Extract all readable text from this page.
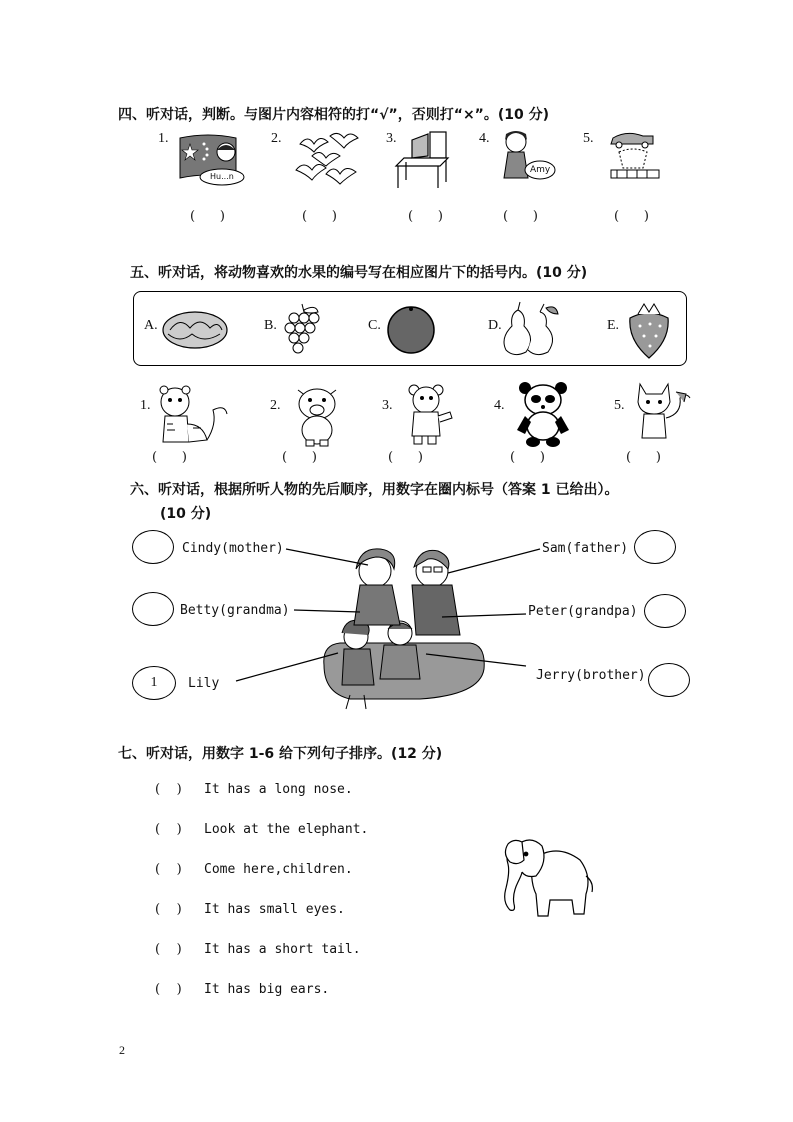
四、听对话，判断。与图片内容相符的打“√”，否则打“×”。(10 分)
1.	2.	3.	4.	5.
Hu...n
Amy
(      )	(      )	(      )	(      )	(      )
五、听对话，将动物喜欢的水果的编号写在相应图片下的括号内。(10 分)
A.	B.	C.	D.	E.
1.	2.	3.	4.	5.
(      )	(      )	(      )	(      )	(      )
六、听对话，根据所听人物的先后顺序，用数字在圈内标号（答案 1 已给出）。
(10 分)
Cindy(mother)
Betty(grandma)
1	Lily
Sam(father)
Peter(grandpa)
Jerry(brother)
七、听对话，用数字 1-6 给下列句子排序。(12 分)
(    ) It has a long nose.
(    ) Look at the elephant.
(    ) Come here,children.
(    ) It has small eyes.
(    ) It has a short tail.
(    ) It has big ears.
2
